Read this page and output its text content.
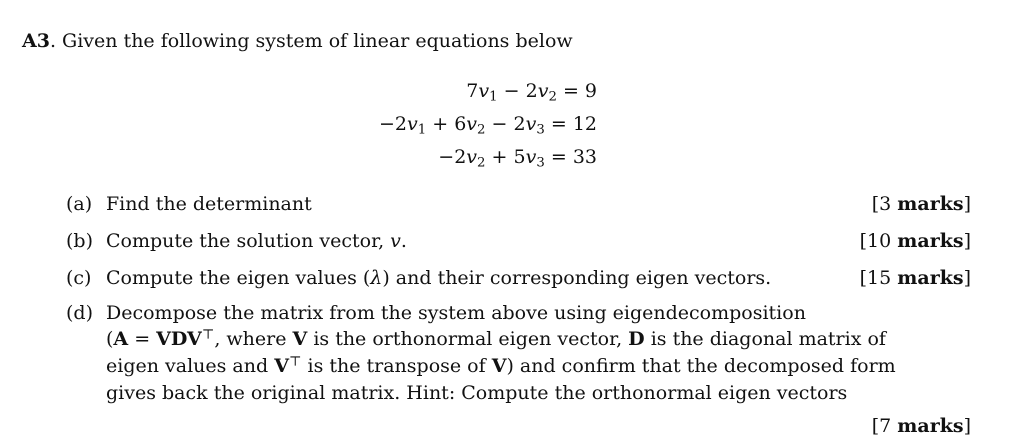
A3. Given the following system of linear equations below
$7v_1 - 2v_2 = 9$
$-2v_1 + 6v_2 - 2v_3 = 12$
$-2v_2 + 5v_3 = 33$
(a) Find the determinant	[3 marks]
(b) Compute the solution vector, v.	[10 marks]
(c) Compute the eigen values (λ) and their corresponding eigen vectors.	[15 marks]
(d) Decompose the matrix from the system above using eigendecomposition
(A = VDV⊤, where V is the orthonormal eigen vector, D is the diagonal matrix of
eigen values and V⊤ is the transpose of V) and confirm that the decomposed form
gives back the original matrix. Hint: Compute the orthonormal eigen vectors
[7 marks]
